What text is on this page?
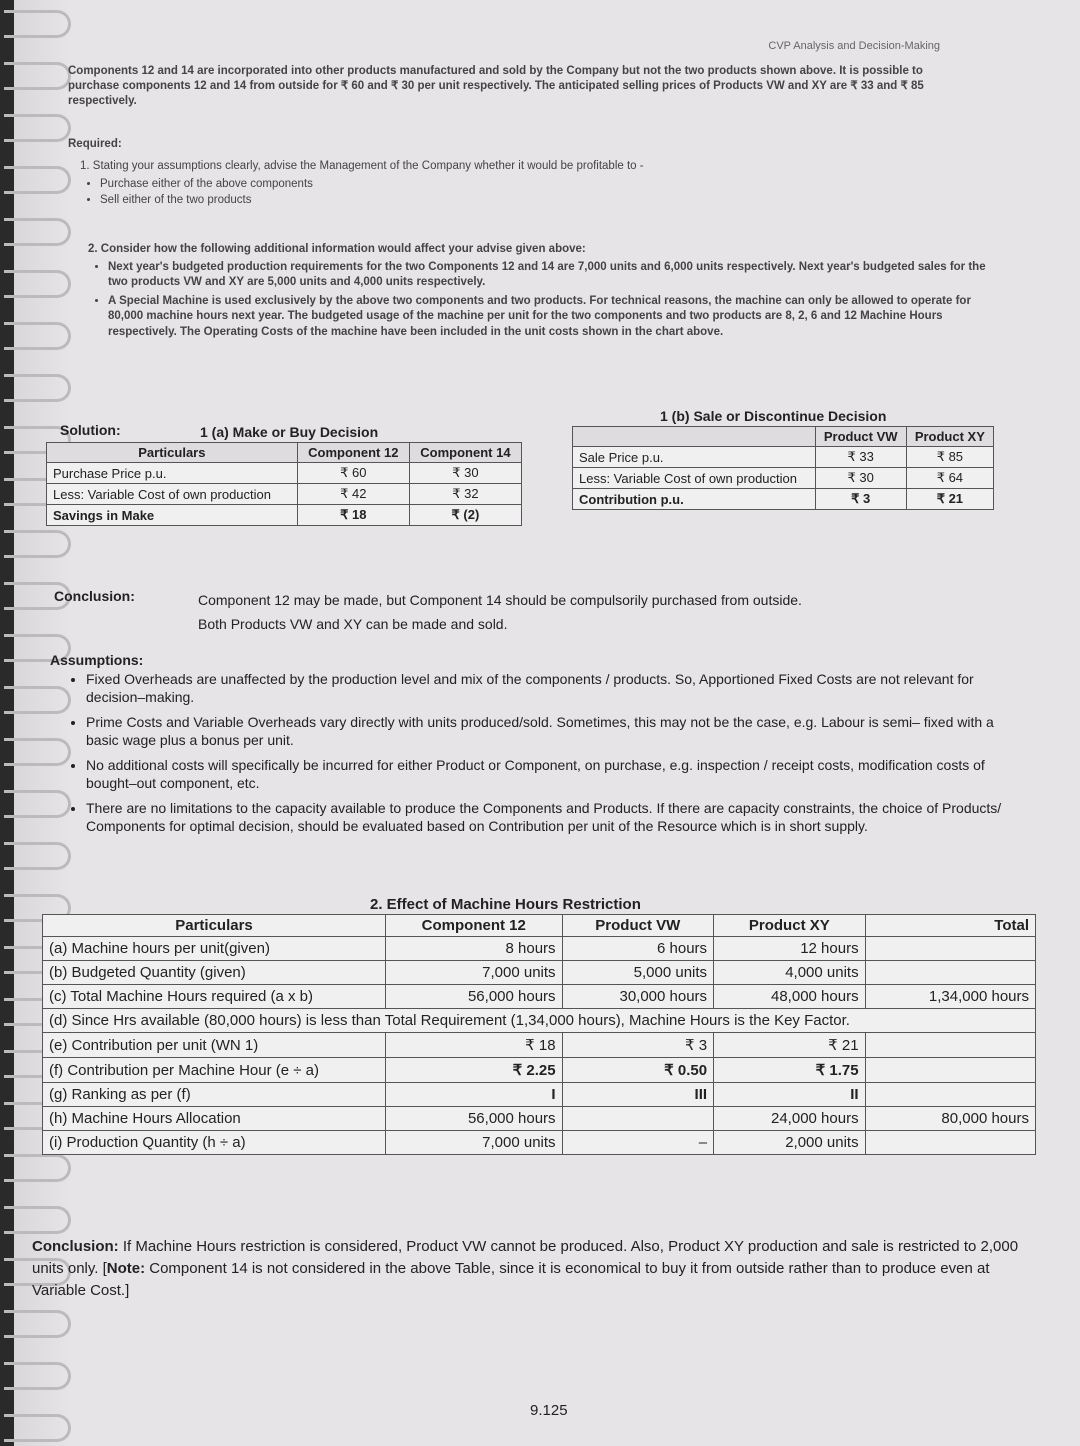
CVP Analysis and Decision-Making
Components 12 and 14 are incorporated into other products manufactured and sold by the Company but not the two products shown above. It is possible to purchase components 12 and 14 from outside for ₹ 60 and ₹ 30 per unit respectively. The anticipated selling prices of Products VW and XY are ₹ 33 and ₹ 85 respectively.
Required:
1. Stating your assumptions clearly, advise the Management of the Company whether it would be profitable to -
• Purchase either of the above components
• Sell either of the two products
2. Consider how the following additional information would affect your advise given above:
• Next year's budgeted production requirements for the two Components 12 and 14 are 7,000 units and 6,000 units respectively. Next year's budgeted sales for the two products VW and XY are 5,000 units and 4,000 units respectively.
• A Special Machine is used exclusively by the above two components and two products. For technical reasons, the machine can only be allowed to operate for 80,000 machine hours next year. The budgeted usage of the machine per unit for the two components and two products are 8, 2, 6 and 12 Machine Hours respectively. The Operating Costs of the machine have been included in the unit costs shown in the chart above.
Solution:	1 (a) Make or Buy Decision
Particulars	Component 12	Component 14
Purchase Price p.u.	₹ 60	₹ 30
Less: Variable Cost of own production	₹ 42	₹ 32
Savings in Make	₹ 18	₹ (2)
1 (b) Sale or Discontinue Decision
	Product VW	Product XY
Sale Price p.u.	₹ 33	₹ 85
Less: Variable Cost of own production	₹ 30	₹ 64
Contribution p.u.	₹ 3	₹ 21
Conclusion:	Component 12 may be made, but Component 14 should be compulsorily purchased from outside.
Both Products VW and XY can be made and sold.
Assumptions:
• Fixed Overheads are unaffected by the production level and mix of the components / products. So, Apportioned Fixed Costs are not relevant for decision–making.
• Prime Costs and Variable Overheads vary directly with units produced/sold. Sometimes, this may not be the case, e.g. Labour is semi– fixed with a basic wage plus a bonus per unit.
• No additional costs will specifically be incurred for either Product or Component, on purchase, e.g. inspection / receipt costs, modification costs of bought–out component, etc.
• There are no limitations to the capacity available to produce the Components and Products. If there are capacity constraints, the choice of Products/ Components for optimal decision, should be evaluated based on Contribution per unit of the Resource which is in short supply.
2. Effect of Machine Hours Restriction
Particulars	Component 12	Product VW	Product XY	Total
(a) Machine hours per unit(given)	8 hours	6 hours	12 hours	
(b) Budgeted Quantity (given)	7,000 units	5,000 units	4,000 units	
(c) Total Machine Hours required (a x b)	56,000 hours	30,000 hours	48,000 hours	1,34,000 hours
(d) Since Hrs available (80,000 hours) is less than Total Requirement (1,34,000 hours), Machine Hours is the Key Factor.				
(e) Contribution per unit (WN 1)	₹ 18	₹ 3	₹ 21	
(f) Contribution per Machine Hour (e ÷ a)	₹ 2.25	₹ 0.50	₹ 1.75	
(g) Ranking as per (f)	I	III	II	
(h) Machine Hours Allocation	56,000 hours		24,000 hours	80,000 hours
(i) Production Quantity (h ÷ a)	7,000 units	–	2,000 units	
Conclusion: If Machine Hours restriction is considered, Product VW cannot be produced. Also, Product XY production and sale is restricted to 2,000 units only. [Note: Component 14 is not considered in the above Table, since it is economical to buy it from outside rather than to produce even at Variable Cost.]
9.125
